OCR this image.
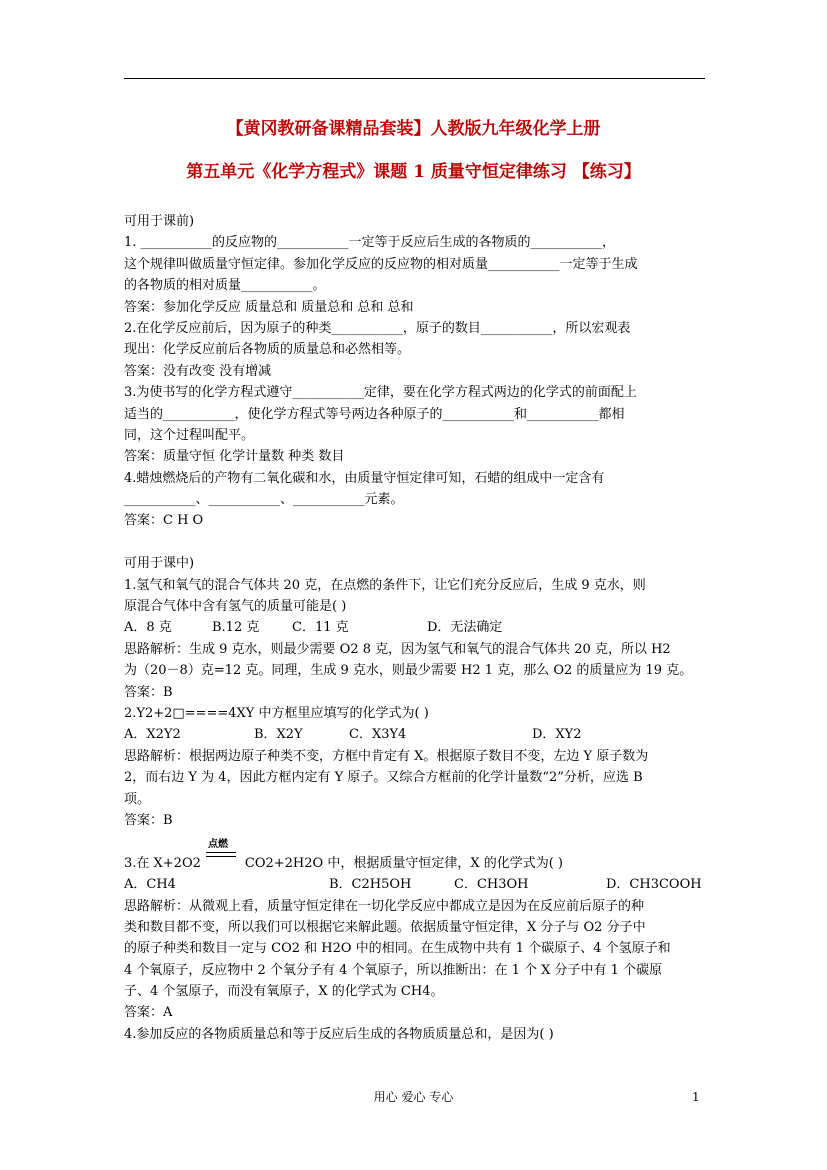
【黄冈教研备课精品套装】人教版九年级化学上册
第五单元《化学方程式》课题 1 质量守恒定律练习 【练习】
可用于课前)
1. ___________的反应物的___________一定等于反应后生成的各物质的___________，
这个规律叫做质量守恒定律。参加化学反应的反应物的相对质量___________一定等于生成
的各物质的相对质量___________。
答案：参加化学反应 质量总和 质量总和 总和 总和
2.在化学反应前后，因为原子的种类___________，原子的数目___________，所以宏观表
现出：化学反应前后各物质的质量总和必然相等。
答案：没有改变 没有增减
3.为使书写的化学方程式遵守___________定律，要在化学方程式两边的化学式的前面配上
适当的___________，使化学方程式等号两边各种原子的___________和___________都相
同，这个过程叫配平。
答案：质量守恒 化学计量数 种类 数目
4.蜡烛燃烧后的产物有二氧化碳和水，由质量守恒定律可知，石蜡的组成中一定含有
___________、___________、___________元素。
答案：C H O
可用于课中)
1.氢气和氧气的混合气体共 20 克，在点燃的条件下，让它们充分反应后，生成 9 克水，则
原混合气体中含有氢气的质量可能是( )
A．8 克	B.12 克	C．11 克	D．无法确定
思路解析：生成 9 克水，则最少需要 O2 8 克，因为氢气和氧气的混合气体共 20 克，所以 H2
为（20－8）克=12 克。同理，生成 9 克水，则最少需要 H2 1 克，那么 O2 的质量应为 19 克。
答案：B
2.Y2+2□====4XY 中方框里应填写的化学式为( )
A．X2Y2	B．X2Y	C．X3Y4	D．XY2
思路解析：根据两边原子种类不变，方框中肯定有 X。根据原子数目不变，左边 Y 原子数为
2，而右边 Y 为 4，因此方框内定有 Y 原子。又综合方框前的化学计量数“2”分析，应选 B
项。
答案：B
点燃
3.在 X+2O2	CO2+2H2O 中，根据质量守恒定律，X 的化学式为( )
A．CH4	B．C2H5OH	C．CH3OH	D．CH3COOH
思路解析：从微观上看，质量守恒定律在一切化学反应中都成立是因为在反应前后原子的种
类和数目都不变，所以我们可以根据它来解此题。依据质量守恒定律，X 分子与 O2 分子中
的原子种类和数目一定与 CO2 和 H2O 中的相同。在生成物中共有 1 个碳原子、4 个氢原子和
4 个氧原子，反应物中 2 个氧分子有 4 个氧原子，所以推断出：在 1 个 X 分子中有 1 个碳原
子、4 个氢原子，而没有氧原子，X 的化学式为 CH4。
答案：A
4.参加反应的各物质质量总和等于反应后生成的各物质质量总和，是因为( )
用心 爱心 专心	1
